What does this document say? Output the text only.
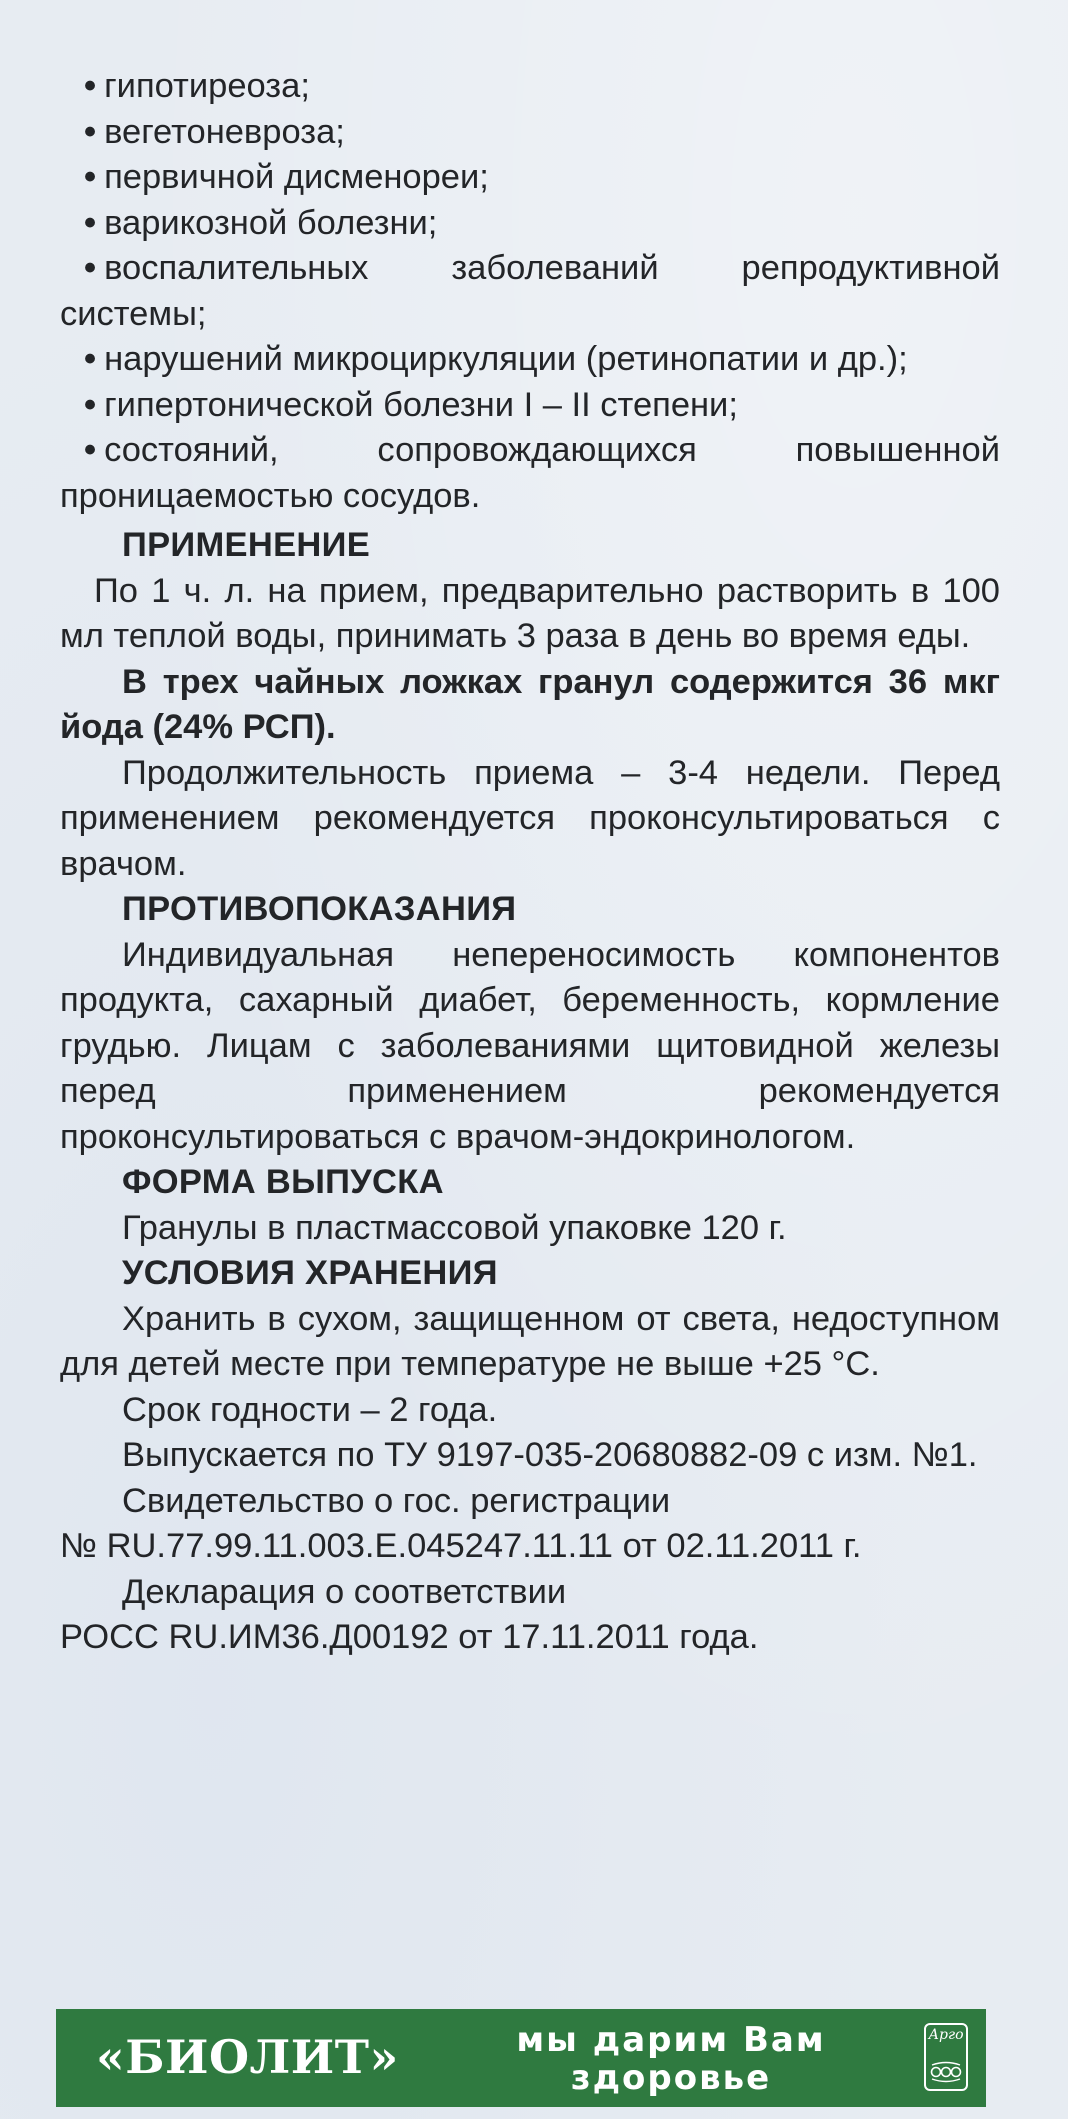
• гипотиреоза;

• вегетоневроза;

• первичной дисменореи;

• варикозной болезни;

• воспалительных заболеваний репродуктивной системы;

• нарушений микроциркуляции (ретинопатии и др.);

• гипертонической болезни I – II степени;

• состояний, сопровождающихся повышенной проницаемостью сосудов.

ПРИМЕНЕНИЕ

По 1 ч. л. на прием, предварительно растворить в 100 мл теплой воды, принимать 3 раза в день во время еды.

В трех чайных ложках гранул содержится 36 мкг йода (24% РСП).

Продолжительность приема – 3-4 недели. Перед применением рекомендуется проконсультироваться с врачом.

ПРОТИВОПОКАЗАНИЯ

Индивидуальная непереносимость компонентов продукта, сахарный диабет, беременность, кормление грудью. Лицам с заболеваниями щитовидной железы перед применением рекомендуется проконсультироваться с врачом-эндокринологом.

ФОРМА ВЫПУСКА

Гранулы в пластмассовой упаковке 120 г.

УСЛОВИЯ ХРАНЕНИЯ

Хранить в сухом, защищенном от света, недоступном для детей месте при температуре не выше +25 °С.

Срок годности – 2 года.

Выпускается по ТУ 9197-035-20680882-09 с изм. №1.

Свидетельство о гос. регистрации

№ RU.77.99.11.003.Е.045247.11.11 от 02.11.2011 г.

Декларация о соответствии

РОСС RU.ИМ36.Д00192 от 17.11.2011 года.

«БИОЛИТ»	мы дарим Вам
здоровье
Арго
